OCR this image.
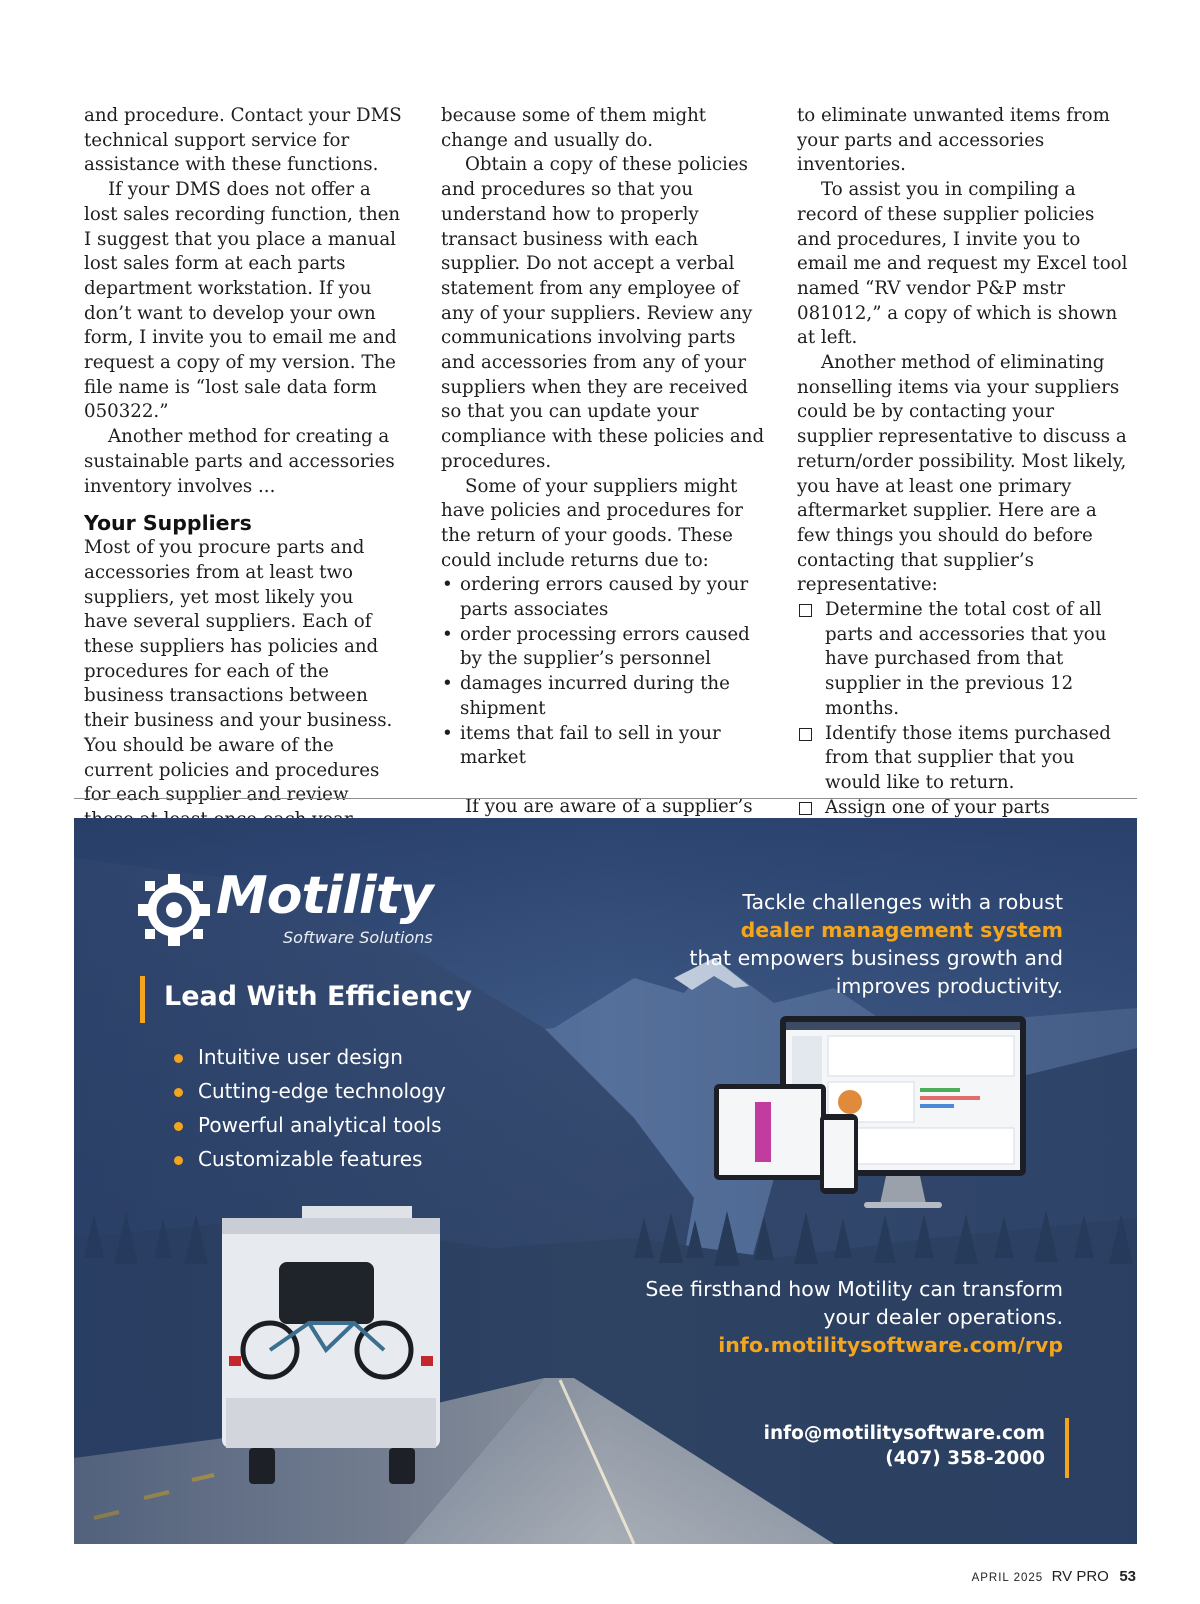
and procedure. Contact your DMS technical support service for assistance with these functions.

If your DMS does not offer a lost sales recording function, then I suggest that you place a manual lost sales form at each parts department workstation. If you don’t want to develop your own form, I invite you to email me and request a copy of my version. The file name is “lost sale data form 050322.”

Another method for creating a sustainable parts and accessories inventory involves ...

Your Suppliers

Most of you procure parts and accessories from at least two suppliers, yet most likely you have several suppliers. Each of these suppliers has policies and procedures for each of the business transactions between their business and your business. You should be aware of the current policies and procedures for each supplier and review

because some of them might change and usually do.

Obtain a copy of these policies and procedures so that you understand how to properly transact business with each supplier. Do not accept a verbal statement from any employee of any of your suppliers. Review any communications involving parts and accessories from any of your suppliers when they are received so that you can update your compliance with these policies and procedures.

Some of your suppliers might have policies and procedures for the return of your goods. These could include returns due to:

• ordering errors caused by your parts associates
• order processing errors caused by the supplier’s personnel
• damages incurred during the shipment
• items that fail to sell in your market

If you are aware of a supplier’s

to eliminate unwanted items from your parts and accessories inventories.

To assist you in compiling a record of these supplier policies and procedures, I invite you to email me and request my Excel tool named “RV vendor P&P mstr 081012,” a copy of which is shown at left.

Another method of eliminating nonselling items via your suppliers could be by contacting your supplier representative to discuss a return/order possibility. Most likely, you have at least one primary aftermarket supplier. Here are a few things you should do before contacting that supplier’s representative:

Determine the total cost of all parts and accessories that you have purchased from that supplier in the previous 12 months.
Identify those items purchased from that supplier that you would like to return.
Assign one of your parts
Motility
Software Solutions
Lead With Efficiency
Intuitive user design
Cutting-edge technology
Powerful analytical tools
Customizable features
Tackle challenges with a robust
dealer management system
that empowers business growth and improves productivity.
See firsthand how Motility can transform your dealer operations.
info.motilitysoftware.com/rvp
info@motilitysoftware.com
(407) 358-2000
APRIL 2025 RV PRO 53
